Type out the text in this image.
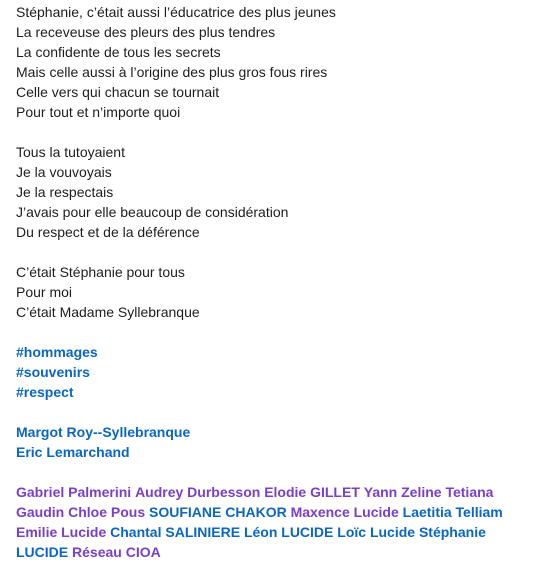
Stéphanie, c’était aussi l’éducatrice des plus jeunes
La receveuse des pleurs des plus tendres
La confidente de tous les secrets
Mais celle aussi à l’origine des plus gros fous rires
Celle vers qui chacun se tournait
Pour tout et n’importe quoi
Tous la tutoyaient
Je la vouvoyais
Je la respectais
J’avais pour elle beaucoup de considération
Du respect et de la déférence
C’était Stéphanie pour tous
Pour moi
C’était Madame Syllebranque
#hommages
#souvenirs
#respect
Margot Roy--Syllebranque
Eric Lemarchand
Gabriel Palmerini Audrey Durbesson Elodie GILLET Yann Zeline Tetiana Gaudin Chloe Pous SOUFIANE CHAKOR Maxence Lucide Laetitia Telliam Emilie Lucide Chantal SALINIERE Léon LUCIDE Loïc Lucide Stéphanie LUCIDE Réseau CIOA
